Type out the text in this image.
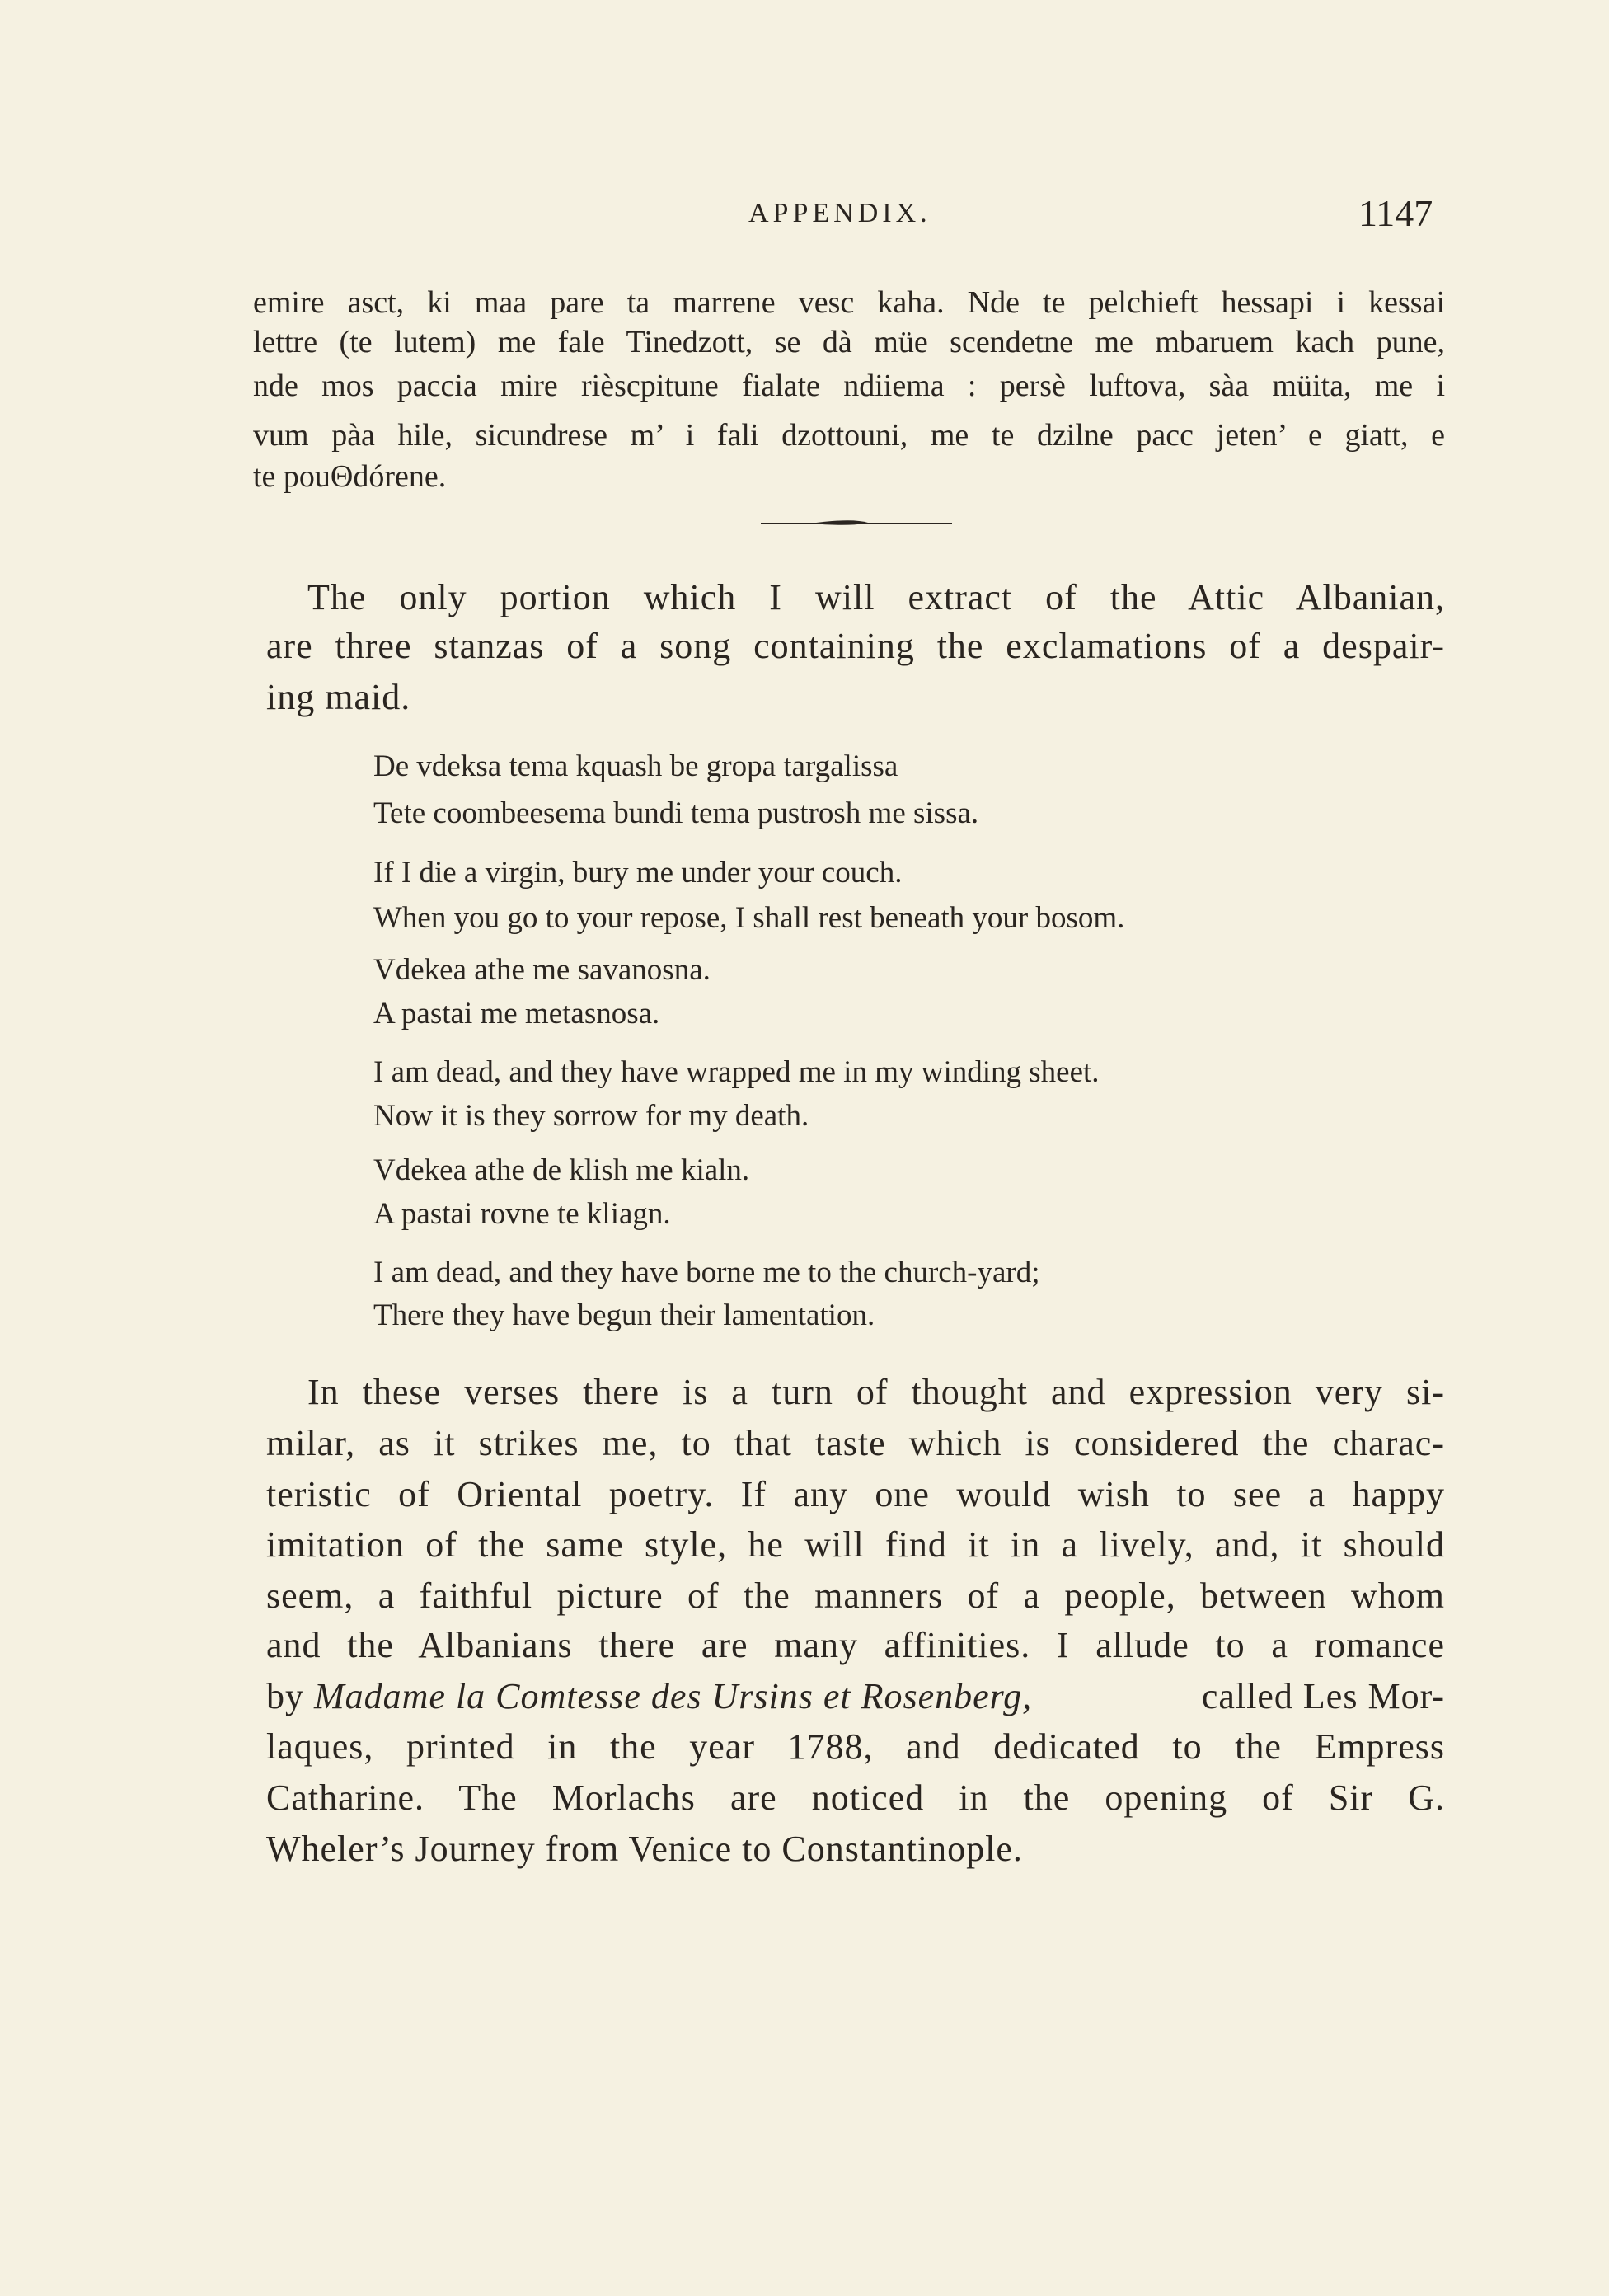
APPENDIX.	1147
emire asct, ki maa pare ta marrene vesc kaha. Nde te pelchieft hessapi i kessai
lettre (te lutem) me fale Tinedzott, se dà müe scendetne me mbaruem kach pune,
nde mos paccia mire rièscpitune fialate ndiiema : persè luftova, sàa müita, me i
vum pàa hile, sicundrese m’ i fali dzottouni, me te dzilne pacc jeten’ e giatt, e
te pouΘdórene.
The only portion which I will extract of the Attic Albanian,
are three stanzas of a song containing the exclamations of a despair-
ing maid.
De vdeksa tema kquash be gropa targalissa
Tete coombeesema bundi tema pustrosh me sissa.
If I die a virgin, bury me under your couch.
When you go to your repose, I shall rest beneath your bosom.
Vdekea athe me savanosna.
A pastai me metasnosa.
I am dead, and they have wrapped me in my winding sheet.
Now it is they sorrow for my death.
Vdekea athe de klish me kialn.
A pastai rovne te kliagn.
I am dead, and they have borne me to the church-yard;
There they have begun their lamentation.
In these verses there is a turn of thought and expression very si-
milar, as it strikes me, to that taste which is considered the charac-
teristic of Oriental poetry. If any one would wish to see a happy
imitation of the same style, he will find it in a lively, and, it should
seem, a faithful picture of the manners of a people, between whom
and the Albanians there are many affinities. I allude to a romance
by Madame la Comtesse des Ursins et Rosenberg,	called Les Mor-
laques, printed in the year 1788, and dedicated to the Empress
Catharine. The Morlachs are noticed in the opening of Sir G.
Wheler’s Journey from Venice to Constantinople.
